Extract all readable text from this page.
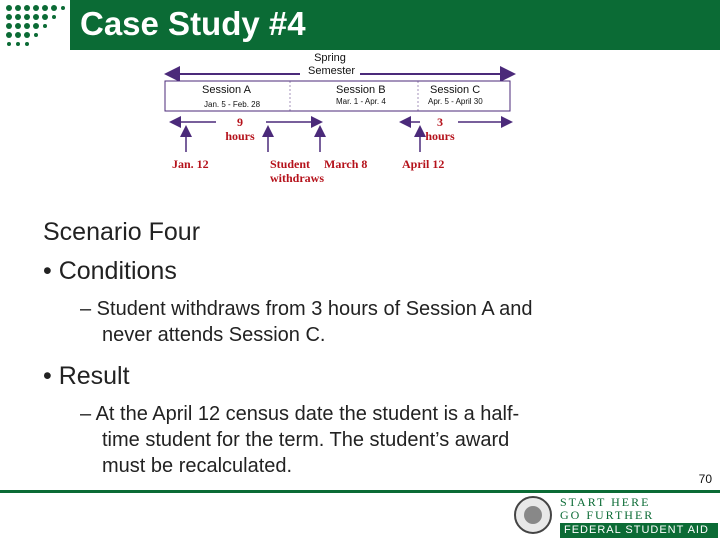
Case Study #4
Spring
Semester
Session A
Jan. 5 - Feb. 28
Session B
Mar. 1 - Apr. 4
Session C
Apr. 5 - April 30
9
hours
3
hours
Jan. 12	Student
withdraws
March 8	April 12
Scenario Four
• Conditions
– Student withdraws from 3 hours of Session A and
never attends Session C.
• Result
– At the April 12 census date the student is a half-
time student for the term. The student’s award
must be recalculated.
70
START HERE
GO FURTHER
FEDERAL STUDENT AID
